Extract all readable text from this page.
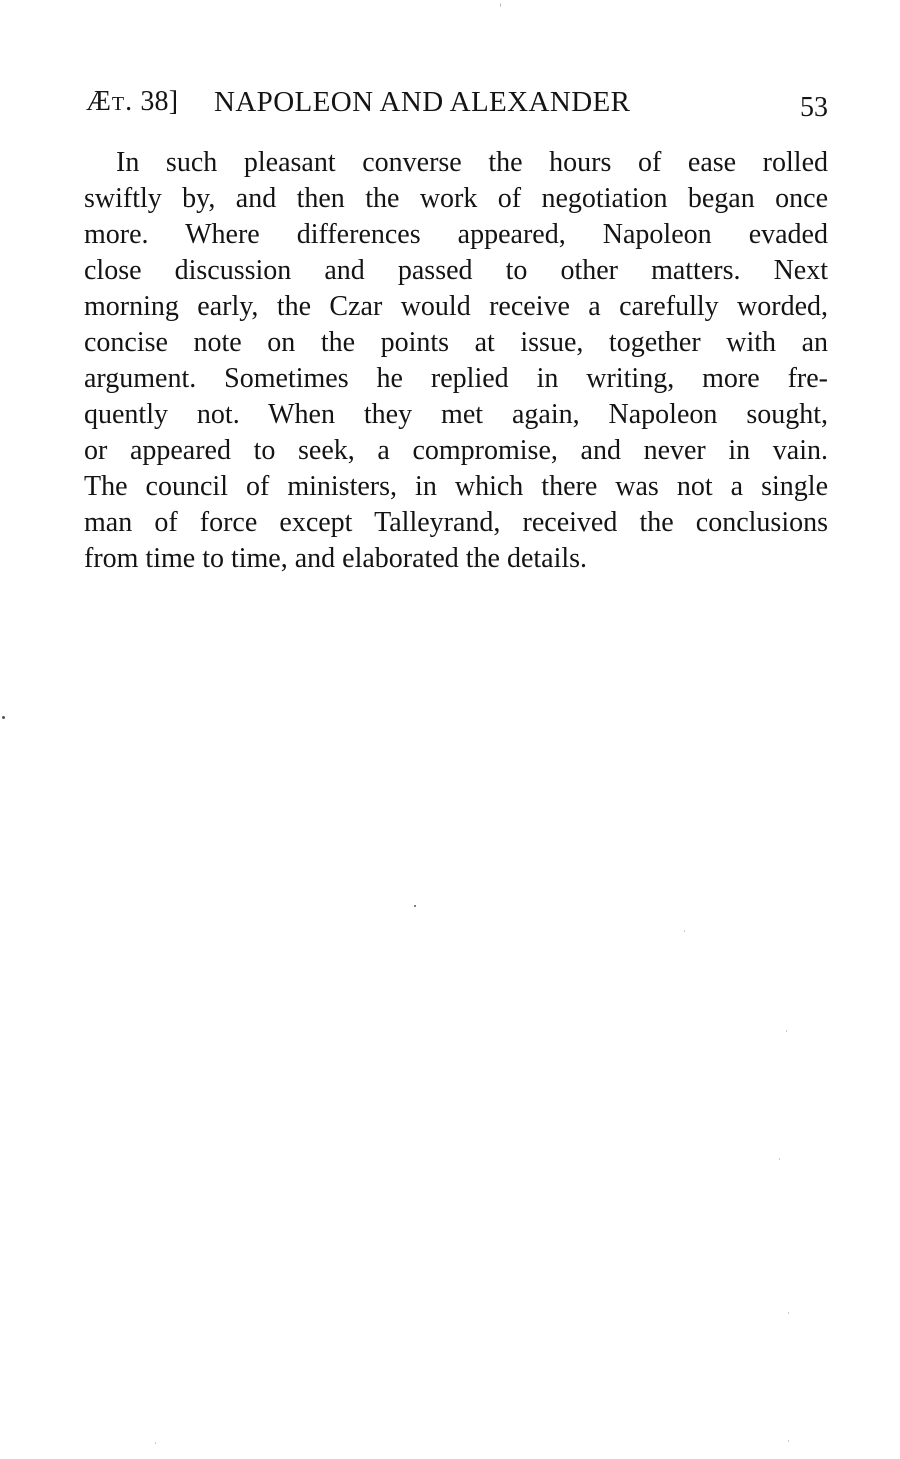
Æt. 38] NAPOLEON AND ALEXANDER	53
In such pleasant converse the hours of ease rolled
swiftly by, and then the work of negotiation began once
more. Where differences appeared, Napoleon evaded
close discussion and passed to other matters. Next
morning early, the Czar would receive a carefully worded,
concise note on the points at issue, together with an
argument. Sometimes he replied in writing, more fre-
quently not. When they met again, Napoleon sought,
or appeared to seek, a compromise, and never in vain.
The council of ministers, in which there was not a single
man of force except Talleyrand, received the conclusions
from time to time, and elaborated the details.
